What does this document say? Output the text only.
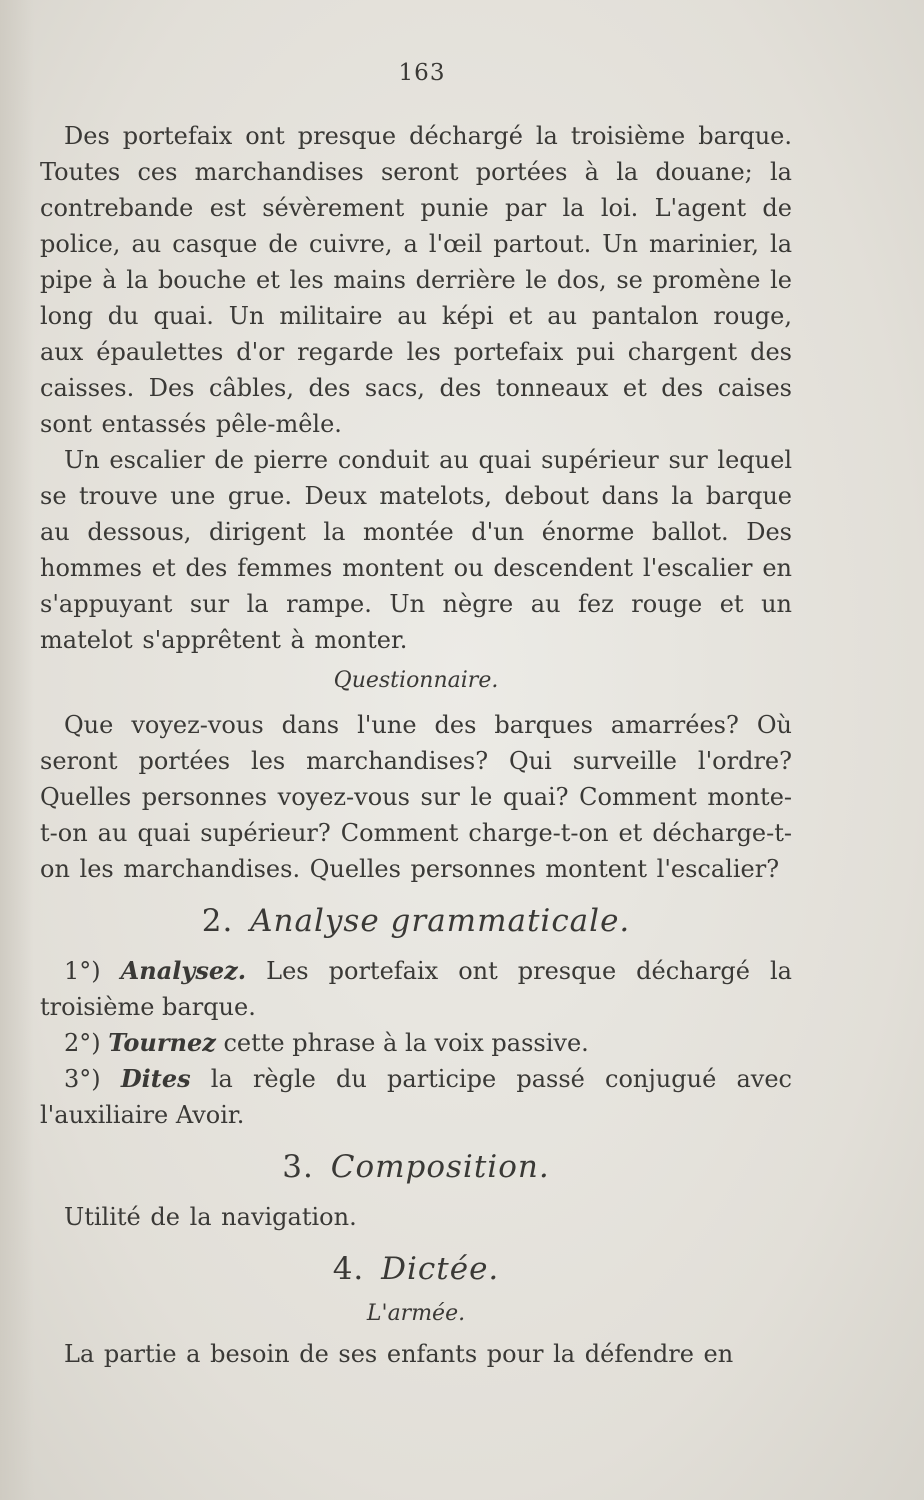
163

Des portefaix ont presque déchargé la troisième barque. Toutes ces marchandises seront portées à la douane; la contrebande est sévèrement punie par la loi. L'agent de police, au casque de cuivre, a l'œil partout. Un marinier, la pipe à la bouche et les mains derrière le dos, se promène le long du quai. Un militaire au képi et au pantalon rouge, aux épaulettes d'or regarde les portefaix pui chargent des caisses. Des câbles, des sacs, des tonneaux et des caises sont entassés pêle-mêle.

Un escalier de pierre conduit au quai supérieur sur lequel se trouve une grue. Deux matelots, debout dans la barque au dessous, dirigent la montée d'un énorme ballot. Des hommes et des femmes montent ou descendent l'escalier en s'appuyant sur la rampe. Un nègre au fez rouge et un matelot s'apprêtent à monter.

Questionnaire.

Que voyez-vous dans l'une des barques amarrées? Où seront portées les marchandises? Qui surveille l'ordre? Quelles personnes voyez-vous sur le quai? Comment monte-t-on au quai supérieur? Comment charge-t-on et décharge-t-on les marchandises. Quelles personnes montent l'escalier?

2. Analyse grammaticale.

1°) Analysez. Les portefaix ont presque déchargé la troisième barque.

2°) Tournez cette phrase à la voix passive.

3°) Dites la règle du participe passé conjugué avec l'auxiliaire Avoir.

3. Composition.

Utilité de la navigation.

4. Dictée.
L'armée.

La partie a besoin de ses enfants pour la défendre en
